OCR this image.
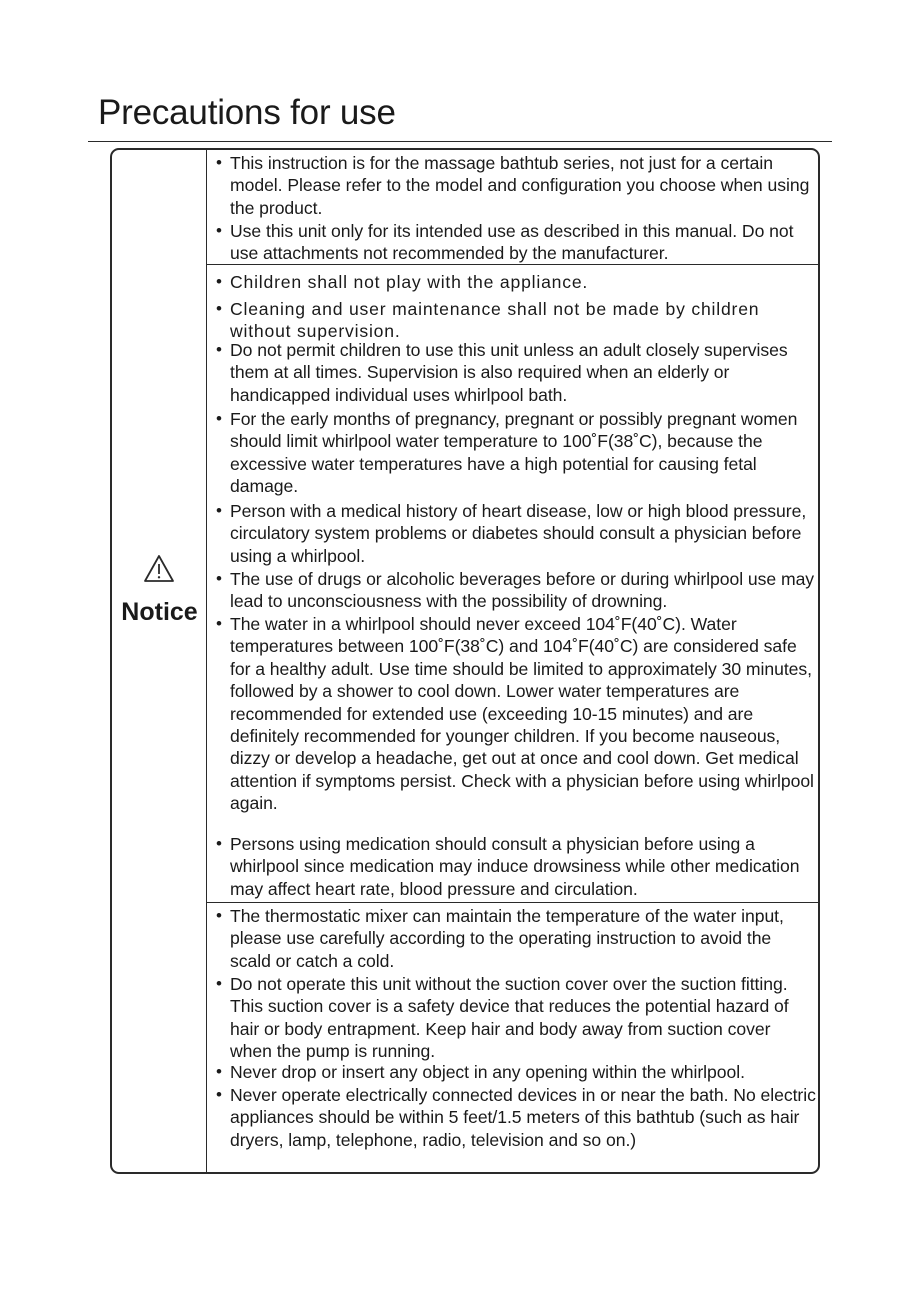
Precautions for use
Notice
• This instruction is for the massage bathtub series, not just for a certain model. Please refer to the model and configuration you choose when using the product.
• Use this unit only for its intended use as described in this manual. Do not use attachments not recommended by the manufacturer.
• Children shall not play with the appliance.
• Cleaning and user maintenance shall not be made by children without supervision.
• Do not permit children to use this unit unless an adult closely supervises them at all times. Supervision is also required when an elderly or handicapped individual uses whirlpool bath.
• For the early months of pregnancy, pregnant or possibly pregnant women should limit whirlpool water temperature to 100˚F(38˚C), because the excessive water temperatures have a high potential for causing fetal damage.
• Person with a medical history of heart disease, low or high blood pressure, circulatory system problems or diabetes should consult a physician before using a whirlpool.
• The use of drugs or alcoholic beverages before or during whirlpool use may lead to unconsciousness with the possibility of drowning.
• The water in a whirlpool should never exceed 104˚F(40˚C). Water temperatures between 100˚F(38˚C) and 104˚F(40˚C) are considered safe for a healthy adult. Use time should be limited to approximately 30 minutes, followed by a shower to cool down. Lower water temperatures are recommended for extended use (exceeding 10-15 minutes) and are definitely recommended for younger children. If you become nauseous, dizzy or develop a headache, get out at once and cool down. Get medical attention if symptoms persist. Check with a physician before using whirlpool again.
• Persons using medication should consult a physician before using a whirlpool since medication may induce drowsiness while other medication may affect heart rate, blood pressure and circulation.
• The thermostatic mixer can maintain the temperature of the water input, please use carefully according to the operating instruction to avoid the scald or catch a cold.
• Do not operate this unit without the suction cover over the suction fitting. This suction cover is a safety device that reduces the potential hazard of hair or body entrapment. Keep hair and body away from suction cover when the pump is running.
• Never drop or insert any object in any opening within the whirlpool.
• Never operate electrically connected devices in or near the bath. No electric appliances should be within 5 feet/1.5 meters of this bathtub (such as hair dryers, lamp, telephone, radio, television and so on.)
